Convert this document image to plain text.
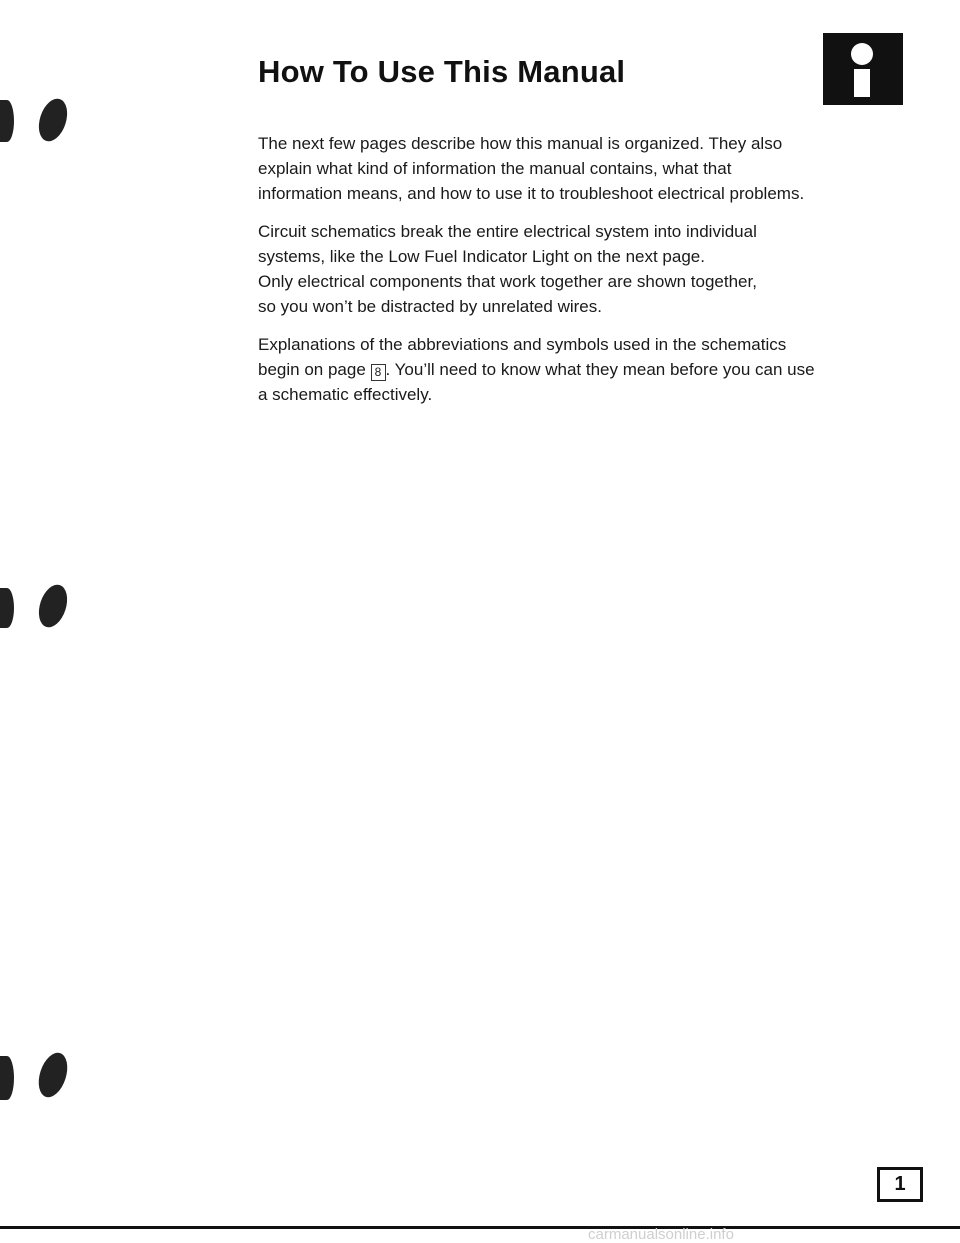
How To Use This Manual

The next few pages describe how this manual is organized. They also
explain what kind of information the manual contains, what that
information means, and how to use it to troubleshoot electrical problems.

Circuit schematics break the entire electrical system into individual
systems, like the Low Fuel Indicator Light on the next page.
Only electrical components that work together are shown together,
so you won’t be distracted by unrelated wires.

Explanations of the abbreviations and symbols used in the schematics
begin on page 8 . You’ll need to know what they mean before you can use
a schematic effectively.

1
carmanualsonline.info
